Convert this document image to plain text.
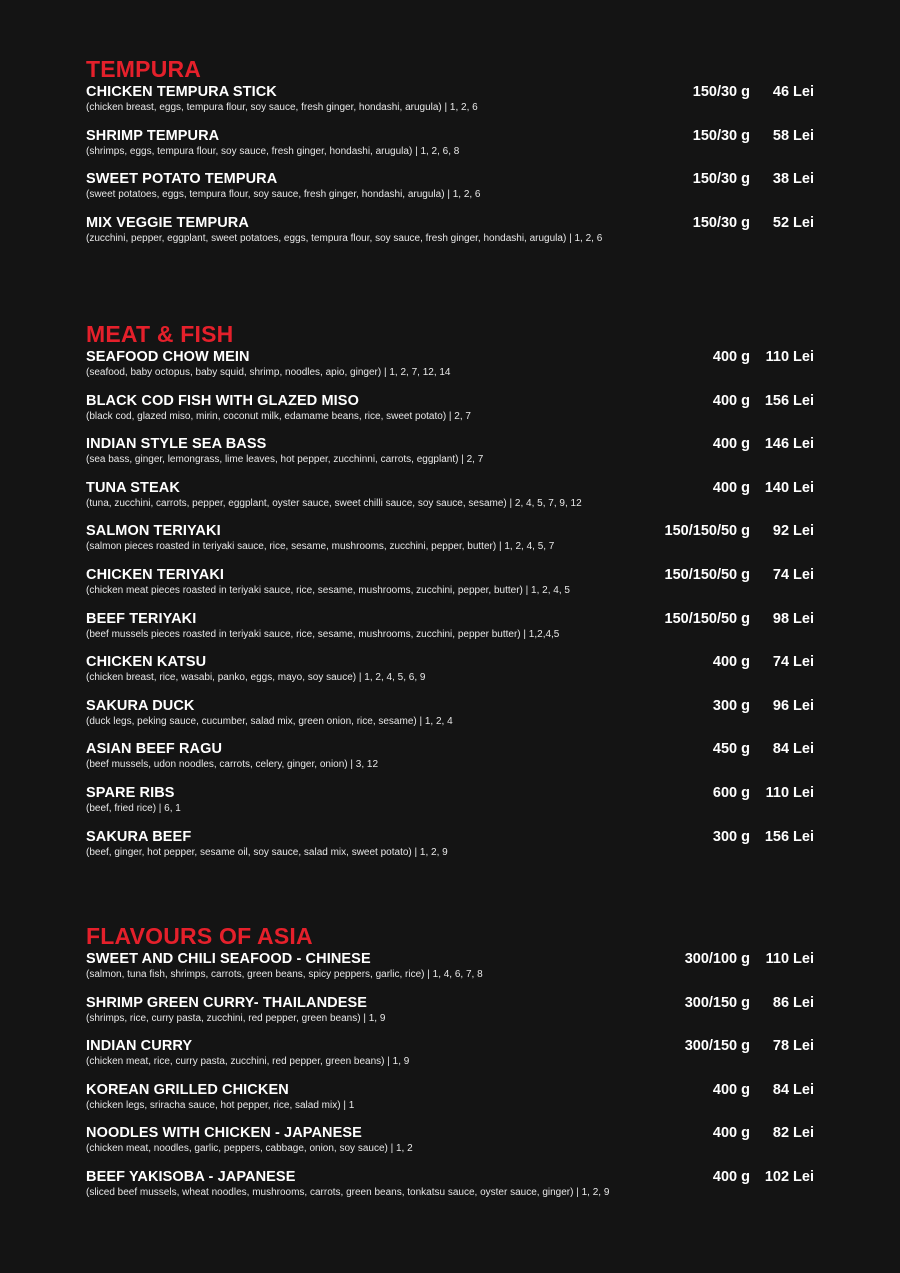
TEMPURA
CHICKEN TEMPURA STICK
(chicken breast, eggs, tempura flour, soy sauce, fresh ginger, hondashi, arugula) | 1, 2, 6
150/30 g 46 Lei
SHRIMP TEMPURA
(shrimps, eggs, tempura flour, soy sauce, fresh ginger, hondashi, arugula) | 1, 2, 6, 8
150/30 g 58 Lei
SWEET POTATO TEMPURA
(sweet potatoes, eggs, tempura flour, soy sauce, fresh ginger, hondashi, arugula) | 1, 2, 6
150/30 g 38 Lei
MIX VEGGIE TEMPURA
(zucchini, pepper, eggplant, sweet potatoes, eggs, tempura flour, soy sauce, fresh ginger, hondashi, arugula) | 1, 2, 6
150/30 g 52 Lei
MEAT & FISH
SEAFOOD CHOW MEIN
(seafood, baby octopus, baby squid, shrimp, noodles, apio, ginger) | 1, 2, 7, 12, 14
400 g 110 Lei
BLACK COD FISH WITH GLAZED MISO
(black cod, glazed miso, mirin, coconut milk, edamame beans, rice, sweet potato) | 2, 7
400 g 156 Lei
INDIAN STYLE SEA BASS
(sea bass, ginger, lemongrass, lime leaves, hot pepper, zucchinni, carrots, eggplant) | 2, 7
400 g 146 Lei
TUNA STEAK
(tuna, zucchini, carrots, pepper, eggplant, oyster sauce, sweet chilli sauce, soy sauce, sesame) | 2, 4, 5, 7, 9, 12
400 g 140 Lei
SALMON TERIYAKI
(salmon pieces roasted in teriyaki sauce, rice, sesame, mushrooms, zucchini, pepper, butter) | 1, 2, 4, 5, 7
150/150/50 g 92 Lei
CHICKEN TERIYAKI
(chicken meat pieces roasted in teriyaki sauce, rice, sesame, mushrooms, zucchini, pepper, butter) | 1, 2, 4, 5
150/150/50 g 74 Lei
BEEF TERIYAKI
(beef mussels pieces roasted in teriyaki sauce, rice, sesame, mushrooms, zucchini, pepper butter) | 1,2,4,5
150/150/50 g 98 Lei
CHICKEN KATSU
(chicken breast, rice, wasabi, panko, eggs, mayo, soy sauce) | 1, 2, 4, 5, 6, 9
400 g 74 Lei
SAKURA DUCK
(duck legs, peking sauce, cucumber, salad mix, green onion, rice, sesame) | 1, 2, 4
300 g 96 Lei
ASIAN BEEF RAGU
(beef mussels, udon noodles, carrots, celery, ginger, onion) | 3, 12
450 g 84 Lei
SPARE RIBS
(beef, fried rice) | 6, 1
600 g 110 Lei
SAKURA BEEF
(beef, ginger, hot pepper, sesame oil, soy sauce, salad mix, sweet potato) | 1, 2, 9
300 g 156 Lei
FLAVOURS OF ASIA
SWEET AND CHILI SEAFOOD - CHINESE
(salmon, tuna fish, shrimps, carrots, green beans, spicy peppers, garlic, rice) | 1, 4, 6, 7, 8
300/100 g 110 Lei
SHRIMP GREEN CURRY- THAILANDESE
(shrimps, rice, curry pasta, zucchini, red pepper, green beans) | 1, 9
300/150 g 86 Lei
INDIAN CURRY
(chicken meat, rice, curry pasta, zucchini, red pepper, green beans) | 1, 9
300/150 g 78 Lei
KOREAN GRILLED CHICKEN
(chicken legs, sriracha sauce, hot pepper, rice, salad mix) | 1
400 g 84 Lei
NOODLES WITH CHICKEN - JAPANESE
(chicken meat, noodles, garlic, peppers, cabbage, onion, soy sauce) | 1, 2
400 g 82 Lei
BEEF YAKISOBA - JAPANESE
(sliced beef mussels, wheat noodles, mushrooms, carrots, green beans, tonkatsu sauce, oyster sauce, ginger) | 1, 2, 9
400 g 102 Lei
